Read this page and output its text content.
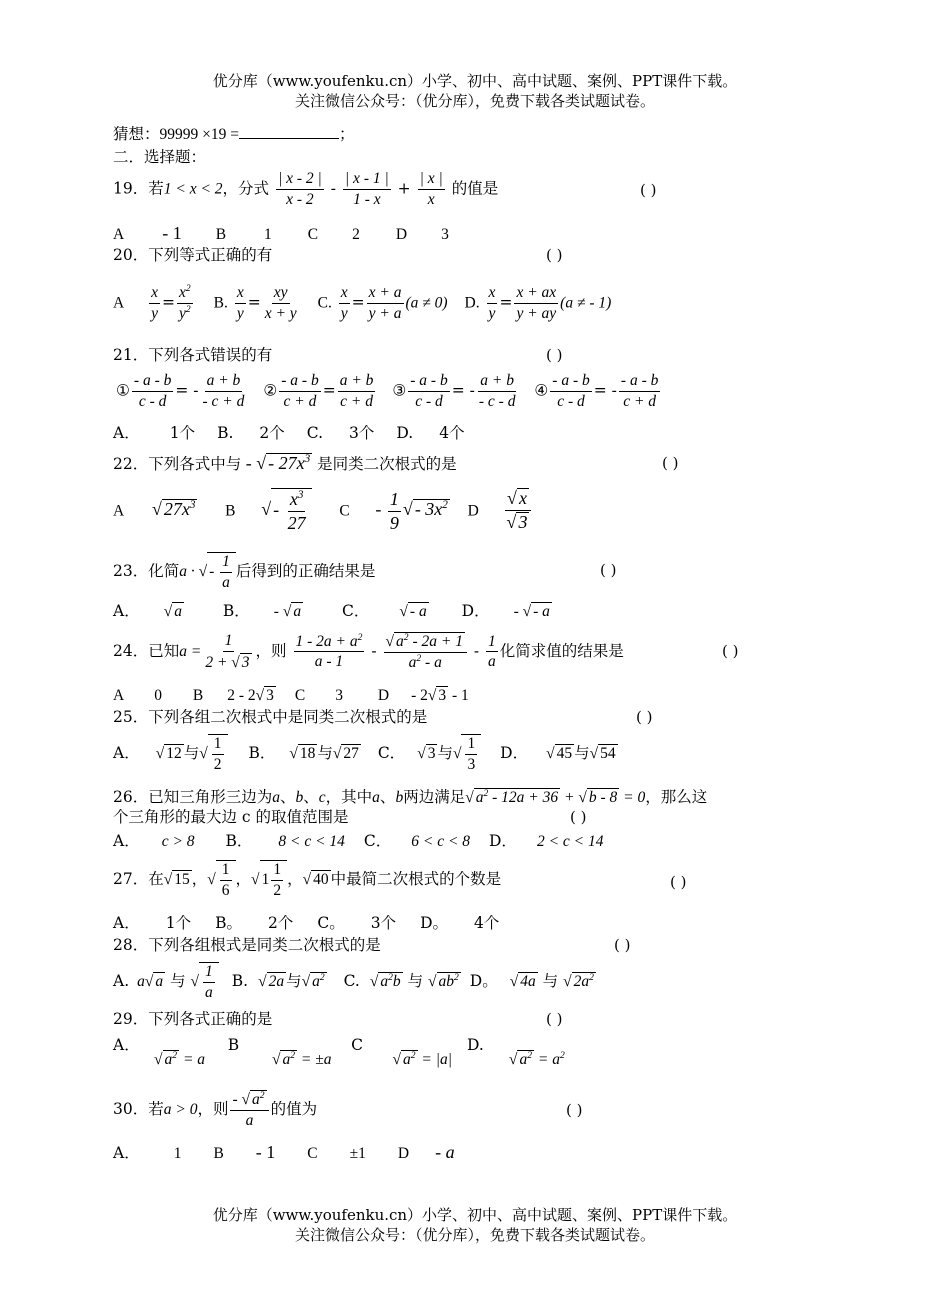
优分库（www.youfenku.cn）小学、初中、高中试题、案例、PPT课件下载。
关注微信公众号：（优分库），免费下载各类试题试卷。
猜想：99999 ×19 =	；
二．选择题：
19．若1 < x < 2，分式 $\frac{| x - 2 |}{x - 2} - \frac{| x - 1 |}{1 - x} + \frac{| x |}{x}$ 的值是	( )
A - 1 B 1 C 2 D 3
20．下列等式正确的有	( )
A $\frac{x}{y} = \frac{x^2}{y^2} B$. $\frac{x}{y} = \frac{xy}{x + y} C$. $\frac{x}{y} = \frac{x + a}{y + a} (a \ne 0)$ D. $\frac{x}{y} = \frac{x + ax}{y + ay} (a$ ≠ - 1)
21．下列各式错误的有	( )
① $\frac{- a - b}{c - d}$ = - $\frac{a + b}{- c + d}$ ② $\frac{- a - b}{c + d} = \frac{a + b}{c + d}$ ③ $\frac{- a - b}{c - d}$ = - $\frac{a + b}{- c - d}$ ④ $\frac{- a - b}{c - d}$ = - $\frac{- a - b}{c + d}$
A． 1个 B. 2个 C. 3个 D. 4个
22．下列各式中与 - √ - $27x^3$ 是同类二次根式的是	( )
A √ $27x^3$ B √ - $\frac{x^3}{27}$ C - $\frac{1}{9}$ √ - $3x^2$ D $\frac{√ x}{√ 3}$
23．化简a · √ - $\frac{1}{a}$ 后得到的正确结果是	( )
A． √ a	B． - √ a	C． √ - a D． - √ - a
24．已知$a = \frac{1}{2 + √ 3}$ ，则 $\frac{1 - 2a + a^2}{a - 1} - \frac{√ a^2 - 2a + 1}{a^2 - a} - \frac{1}{a}$ 化简求值的结果是	( )
A 0 B 2 - 2√ 3 C 3 D - 2√ 3 - 1
25．下列各组二次根式中是同类二次根式的是	( )
A． √ 12 与√ $\frac{1}{2}$ B． √ 18 与√ 27 C． √ 3 与√ $\frac{1}{3}$ D． √ 45 与√ 54
26．已知三角形三边为a、b、c，其中a、b两边满足√ $a^2 - 12a + 36$ + √ b - 8 = 0，那么这
个三角形的最大边 c 的取值范围是	( )
A． c > 8 B． 8 < c < 14 C． 6 < c < 8 D． 2 < c < 14
27．在√ 15 ，√ $\frac{1}{6}$ ，√ $1 \frac{1}{2}$ ，√ 40 中最简二次根式的个数是	( )
A． 1个 B。 2个 C。 3个 D。 4个
28．下列各组根式是同类二次根式的是	( )
A. a√ a 与 √ $\frac{1}{a} B$. √ 2a 与√ $a^2$ C. √ $a^2b$ 与 √ $ab^2$ D。 √ 4a 与 √ $2a^2$
29．下列各式正确的是	( )
A．	B	C	D.
√ $a^2 = a$	√ $a^2 = \pm a$	√ $a^2 = |a|$	√ $a^2 = a^2$
30．若a > 0，则 $\frac{- √ a^2}{a}$ 的值为	( )
A． 1 B - 1 C ±1 D - a
优分库（www.youfenku.cn）小学、初中、高中试题、案例、PPT课件下载。
关注微信公众号：（优分库），免费下载各类试题试卷。
